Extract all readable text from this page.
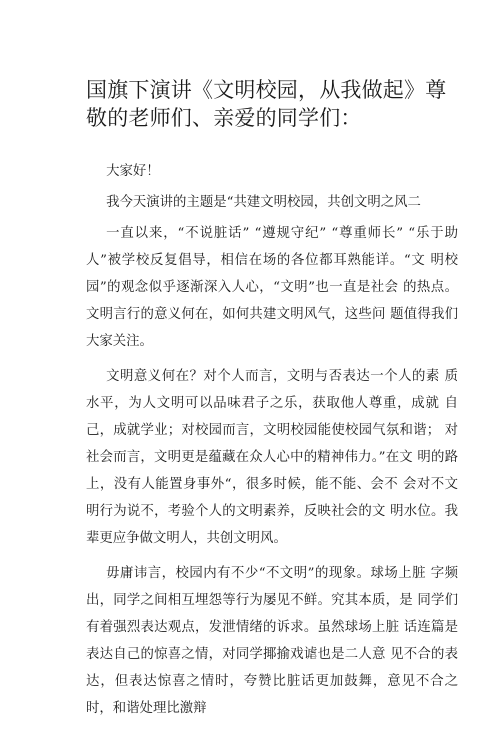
国旗下演讲《文明校园，从我做起》尊敬的老师们、亲爱的同学们：

大家好！

我今天演讲的主题是“共建文明校园，共创文明之风二

一直以来，“不说脏话” “遵规守纪” “尊重师长” “乐于助人”被学校反复倡导，相信在场的各位都耳熟能详。“文 明校园”的观念似乎逐渐深入人心，“文明”也一直是社会 的热点。文明言行的意义何在，如何共建文明风气，这些问 题值得我们大家关注。

文明意义何在？对个人而言，文明与否表达一个人的素 质水平，为人文明可以品味君子之乐，获取他人尊重，成就 自己，成就学业；对校园而言，文明校园能使校园气氛和谐； 对社会而言，文明更是蕴藏在众人心中的精神伟力。”在文 明的路上，没有人能置身事外“，很多时候，能不能、会不 会对不文明行为说不，考验个人的文明素养，反映社会的文 明水位。我辈更应争做文明人，共创文明风。

毋庸讳言，校园内有不少“不文明”的现象。球场上脏 字频出，同学之间相互埋怨等行为屡见不鲜。究其本质，是 同学们有着强烈表达观点，发泄情绪的诉求。虽然球场上脏 话连篇是表达自己的惊喜之情，对同学揶揄戏谑也是二人意 见不合的表达，但表达惊喜之情时，夸赞比脏话更加鼓舞，意见不合之时，和谐处理比激辩
